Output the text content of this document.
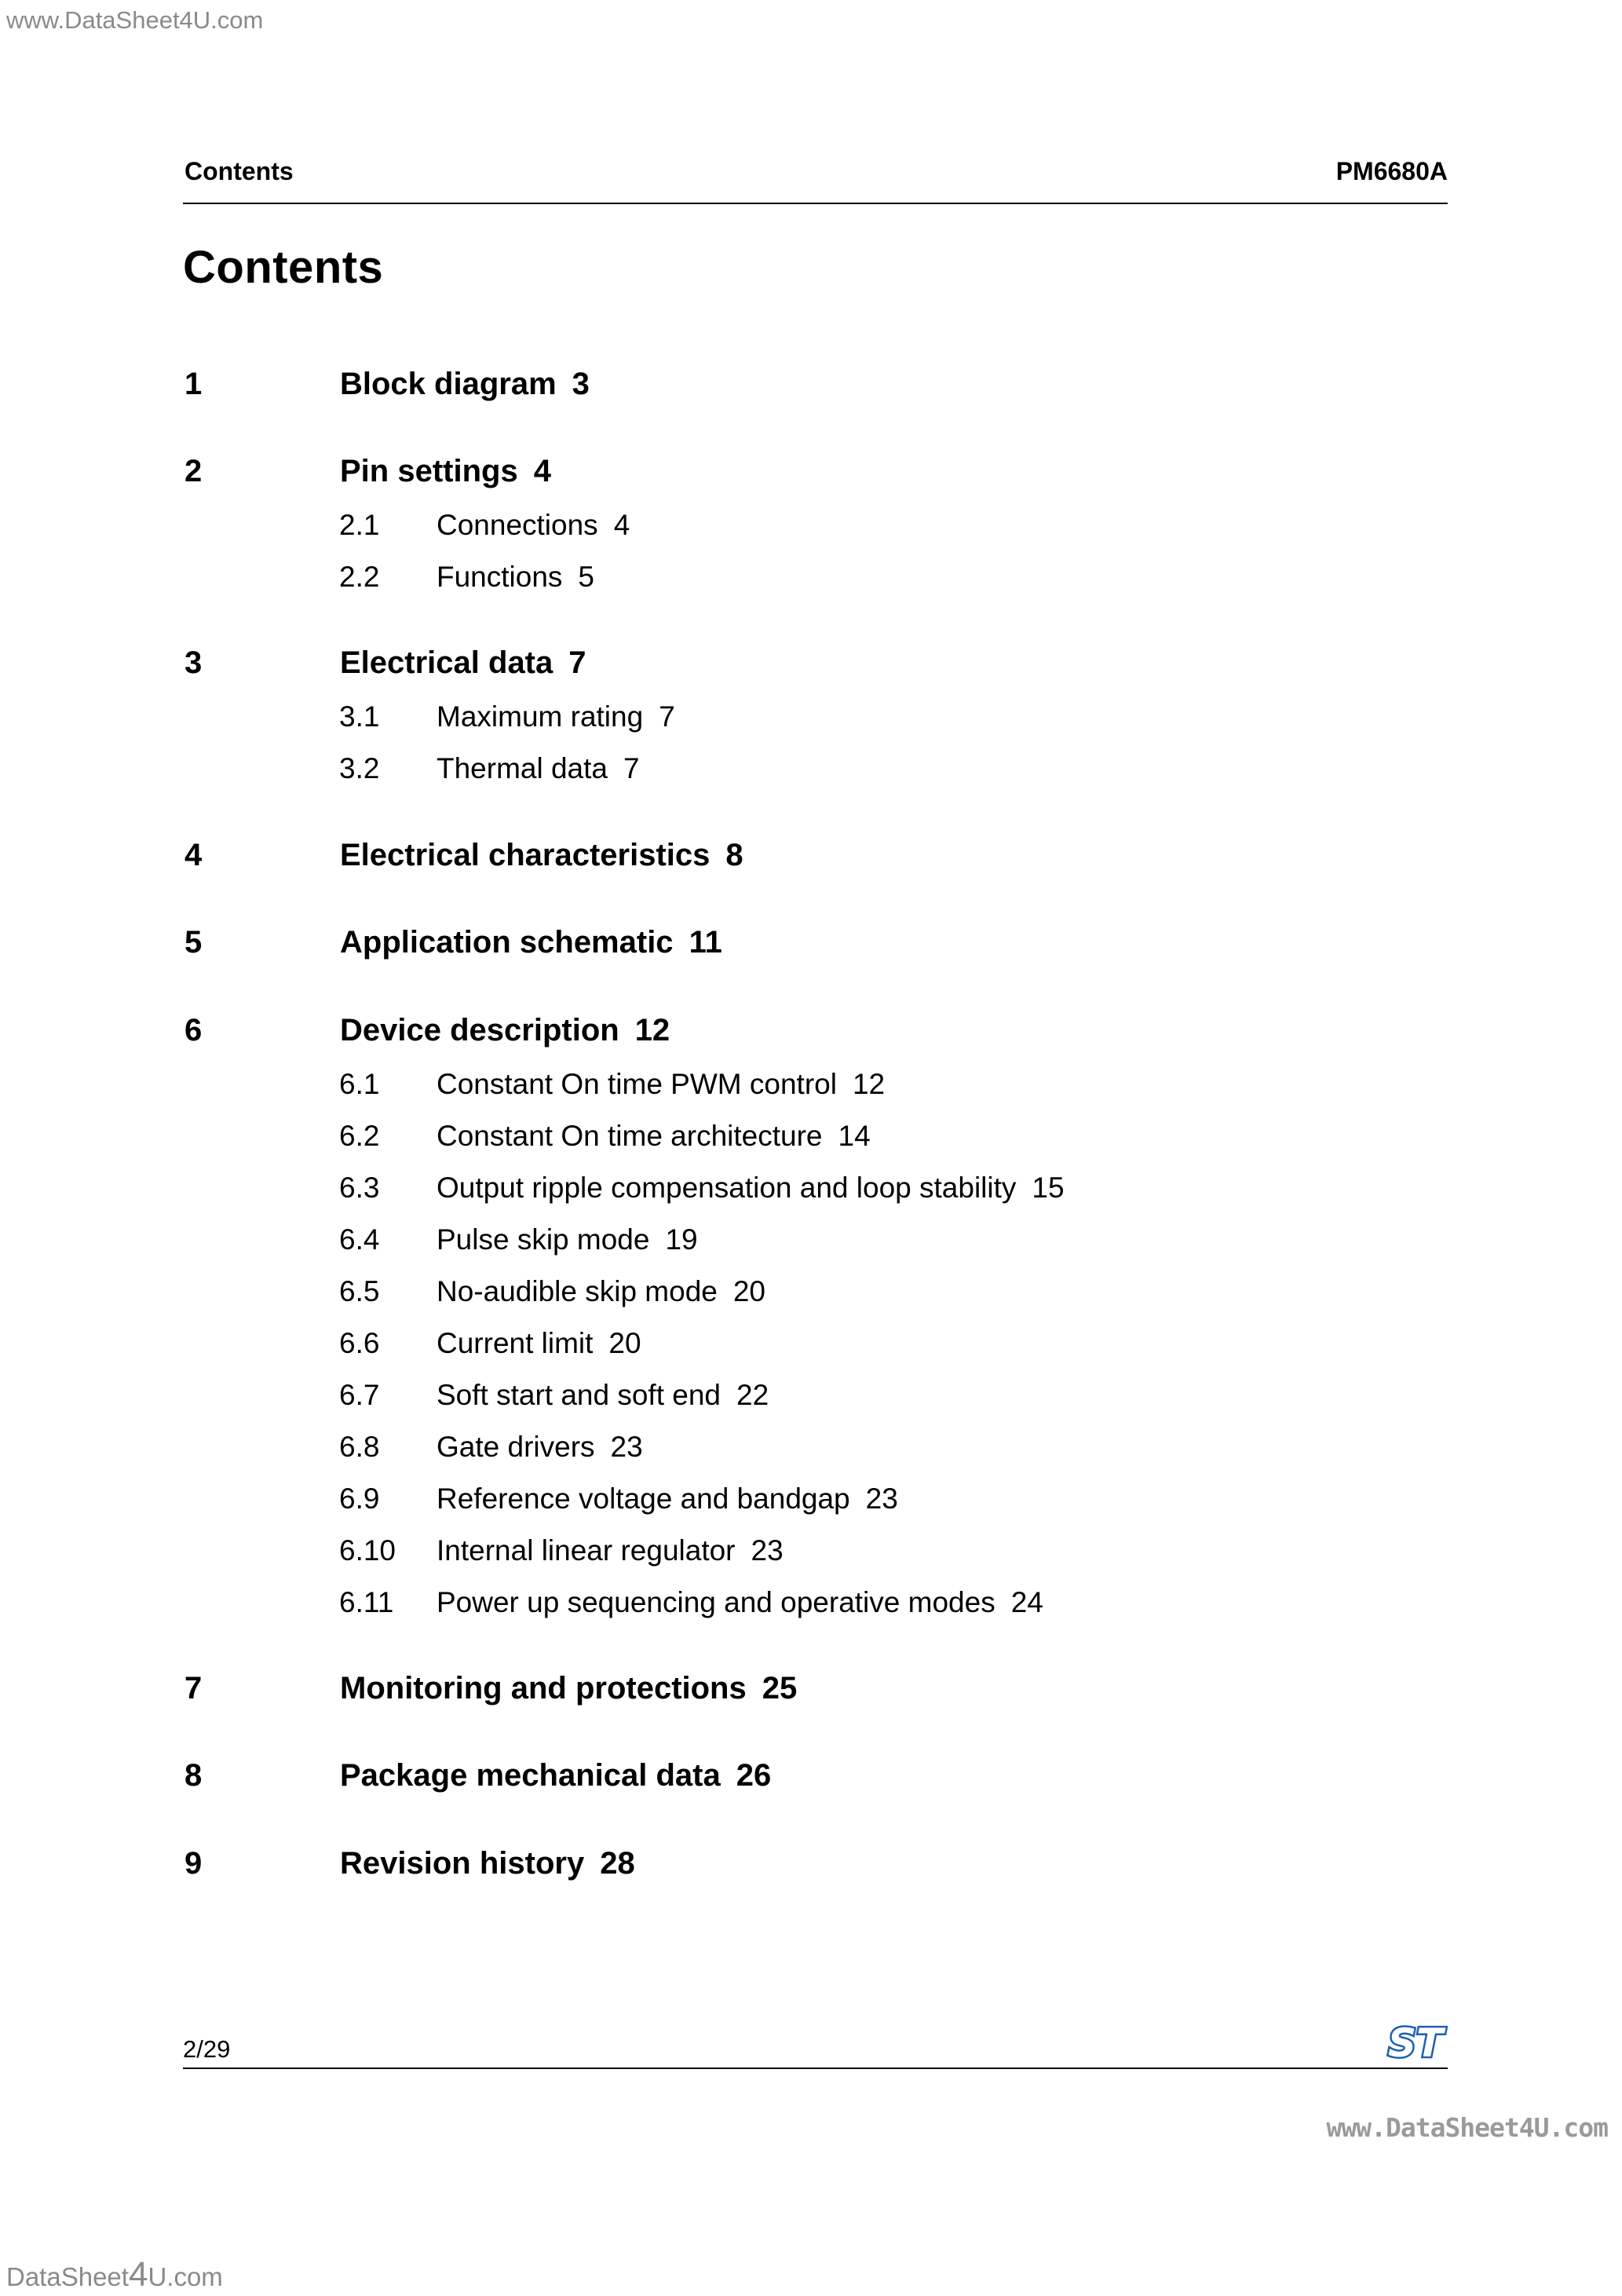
www.DataSheet4U.com
Contents	PM6680A
Contents
1	Block diagram 3
2	Pin settings 4
2.1 Connections 4
2.2 Functions 5
3	Electrical data 7
3.1 Maximum rating 7
3.2 Thermal data 7
4	Electrical characteristics 8
5	Application schematic 11
6	Device description 12
6.1 Constant On time PWM control 12
6.2 Constant On time architecture 14
6.3 Output ripple compensation and loop stability 15
6.4 Pulse skip mode 19
6.5 No-audible skip mode 20
6.6 Current limit 20
6.7 Soft start and soft end 22
6.8 Gate drivers 23
6.9 Reference voltage and bandgap 23
6.10 Internal linear regulator 23
6.11 Power up sequencing and operative modes 24
7	Monitoring and protections 25
8	Package mechanical data 26
9	Revision history 28
2/29	ST
www.DataSheet4U.com
DataSheet4U.com
